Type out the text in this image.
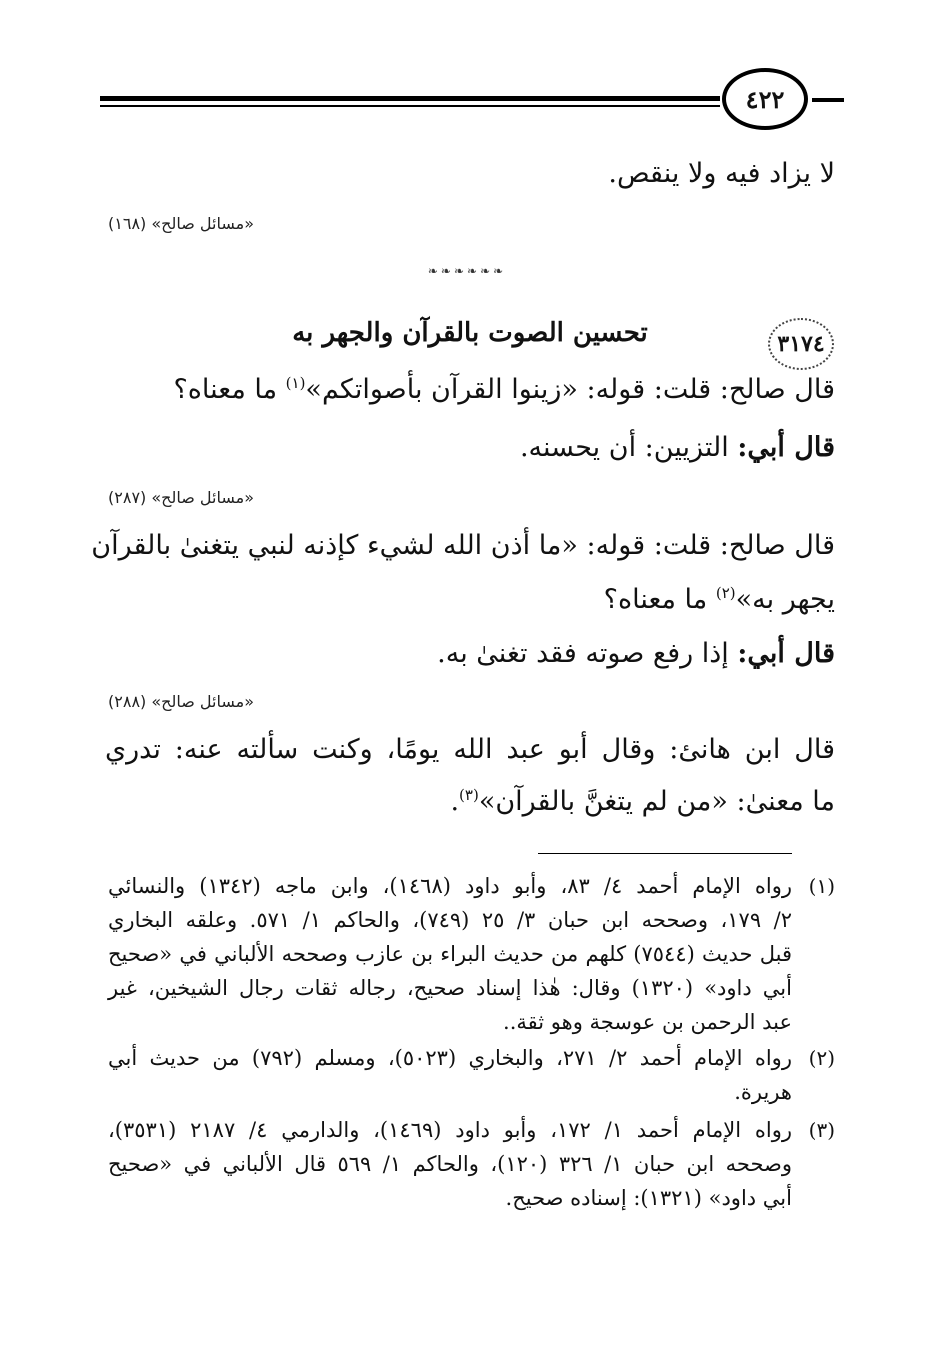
٤٢٢
لا يزاد فيه ولا ينقص.
«مسائل صالح» (١٦٨)
❧ ❧ ❧ ❧ ❧ ❧
٣١٧٤
تحسين الصوت بالقرآن والجهر به
قال صالح: قلت: قوله: «زينوا القرآن بأصواتكم»$^{(١)}$ ما معناه؟
قال أبي: التزيين: أن يحسنه.
«مسائل صالح» (٢٨٧)
قال صالح: قلت: قوله: «ما أذن الله لشيء كإذنه لنبي يتغنىٰ بالقرآن
يجهر به»$^{(٢)}$ ما معناه؟
قال أبي: إذا رفع صوته فقد تغنىٰ به.
«مسائل صالح» (٢٨٨)
قال ابن هانئ: وقال أبو عبد الله يومًا، وكنت سألته عنه: تدري
ما معنىٰ: «من لم يتغنَّ بالقرآن»$^{(٣)}$.
(١)
رواه الإمام أحمد ٤/ ٨٣، وأبو داود (١٤٦٨)، وابن ماجه (١٣٤٢) والنسائي
٢/ ١٧٩، وصححه ابن حبان ٣/ ٢٥ (٧٤٩)، والحاكم ١/ ٥٧١. وعلقه البخاري
قبل حديث (٧٥٤٤) كلهم من حديث البراء بن عازب وصححه الألباني في «صحيح
أبي داود» (١٣٢٠) وقال: هٰذا إسناد صحيح، رجاله ثقات رجال الشيخين، غير
عبد الرحمن بن عوسجة وهو ثقة..
(٢)
رواه الإمام أحمد ٢/ ٢٧١، والبخاري (٥٠٢٣)، ومسلم (٧٩٢) من حديث أبي
هريرة.
(٣)
رواه الإمام أحمد ١/ ١٧٢، وأبو داود (١٤٦٩)، والدارمي ٤/ ٢١٨٧ (٣٥٣١)،
وصححه ابن حبان ١/ ٣٢٦ (١٢٠)، والحاكم ١/ ٥٦٩ قال الألباني في «صحيح
أبي داود» (١٣٢١): إسناده صحيح.
